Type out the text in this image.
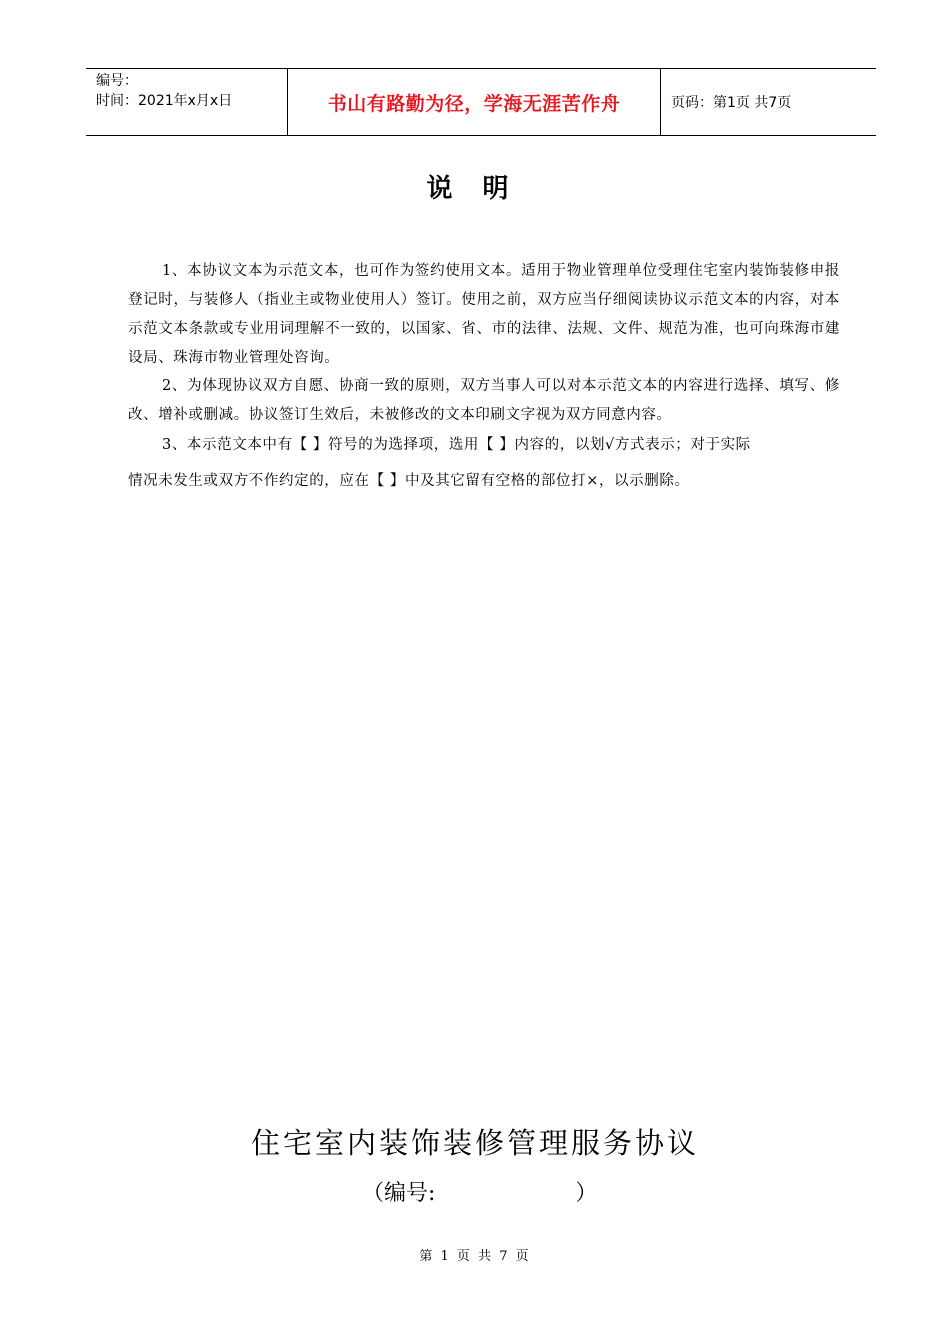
编号：
时间：2021年x月x日	书山有路勤为径，学海无涯苦作舟	页码：第1页 共7页
说明
1、本协议文本为示范文本，也可作为签约使用文本。适用于物业管理单位受理住宅室内装饰装修申报登记时，与装修人（指业主或物业使用人）签订。使用之前，双方应当仔细阅读协议示范文本的内容，对本示范文本条款或专业用词理解不一致的，以国家、省、市的法律、法规、文件、规范为准，也可向珠海市建设局、珠海市物业管理处咨询。
2、为体现协议双方自愿、协商一致的原则，双方当事人可以对本示范文本的内容进行选择、填写、修改、增补或删减。协议签订生效后，未被修改的文本印刷文字视为双方同意内容。
3、本示范文本中有【 】符号的为选择项，选用【 】内容的，以划√方式表示；对于实际
情况未发生或双方不作约定的，应在【 】中及其它留有空格的部位打×，以示删除。
住宅室内装饰装修管理服务协议
（编号:	）
第 1 页 共 7 页
